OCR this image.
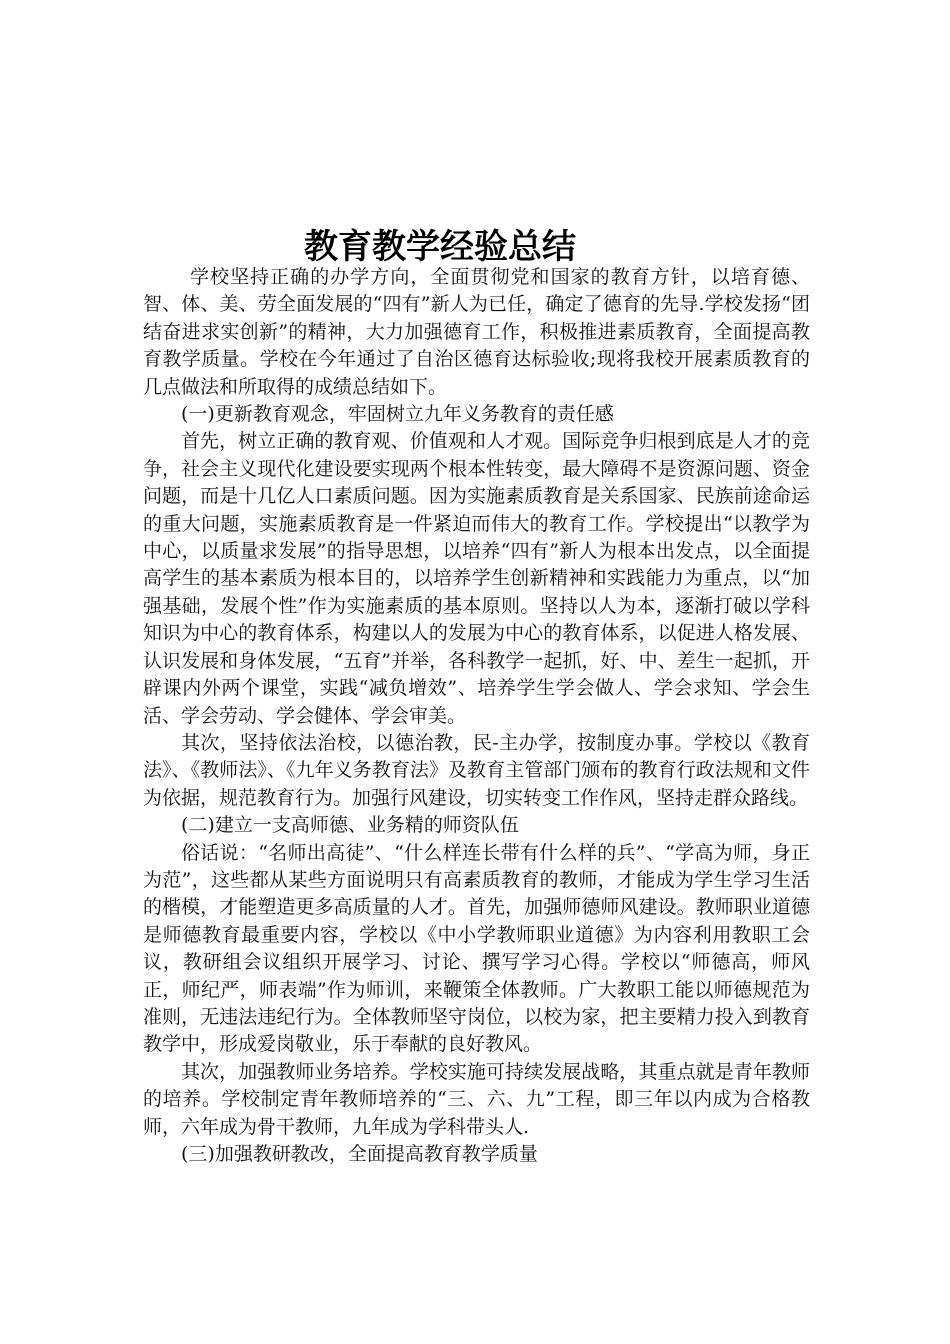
教育教学经验总结

学校坚持正确的办学方向，全面贯彻党和国家的教育方针，以培育德、智、体、美、劳全面发展的“四有”新人为已任，确定了德育的先导.学校发扬“团结奋进求实创新”的精神，大力加强德育工作，积极推进素质教育，全面提高教育教学质量。学校在今年通过了自治区德育达标验收;现将我校开展素质教育的几点做法和所取得的成绩总结如下。

(一)更新教育观念，牢固树立九年义务教育的责任感

首先，树立正确的教育观、价值观和人才观。国际竞争归根到底是人才的竞争，社会主义现代化建设要实现两个根本性转变，最大障碍不是资源问题、资金问题，而是十几亿人口素质问题。因为实施素质教育是关系国家、民族前途命运的重大问题，实施素质教育是一件紧迫而伟大的教育工作。学校提出“以教学为中心，以质量求发展”的指导思想，以培养“四有”新人为根本出发点，以全面提高学生的基本素质为根本目的，以培养学生创新精神和实践能力为重点，以“加强基础，发展个性”作为实施素质的基本原则。坚持以人为本，逐渐打破以学科知识为中心的教育体系，构建以人的发展为中心的教育体系，以促进人格发展、认识发展和身体发展，“五育”并举，各科教学一起抓，好、中、差生一起抓，开辟课内外两个课堂，实践“减负增效”、培养学生学会做人、学会求知、学会生活、学会劳动、学会健体、学会审美。

其次，坚持依法治校，以德治教，民-主办学，按制度办事。学校以《教育法》、《教师法》、《九年义务教育法》及教育主管部门颁布的教育行政法规和文件为依据，规范教育行为。加强行风建设，切实转变工作作风，坚持走群众路线。

(二)建立一支高师德、业务精的师资队伍

俗话说：“名师出高徒”、“什么样连长带有什么样的兵”、“学高为师，身正为范”，这些都从某些方面说明只有高素质教育的教师，才能成为学生学习生活的楷模，才能塑造更多高质量的人才。首先，加强师德师风建设。教师职业道德是师德教育最重要内容，学校以《中小学教师职业道德》为内容利用教职工会议，教研组会议组织开展学习、讨论、撰写学习心得。学校以“师德高，师风正，师纪严，师表端”作为师训，来鞭策全体教师。广大教职工能以师德规范为准则，无违法违纪行为。全体教师坚守岗位，以校为家，把主要精力投入到教育教学中，形成爱岗敬业，乐于奉献的良好教风。

其次，加强教师业务培养。学校实施可持续发展战略，其重点就是青年教师的培养。学校制定青年教师培养的“三、六、九”工程，即三年以内成为合格教师，六年成为骨干教师，九年成为学科带头人.

(三)加强教研教改，全面提高教育教学质量
